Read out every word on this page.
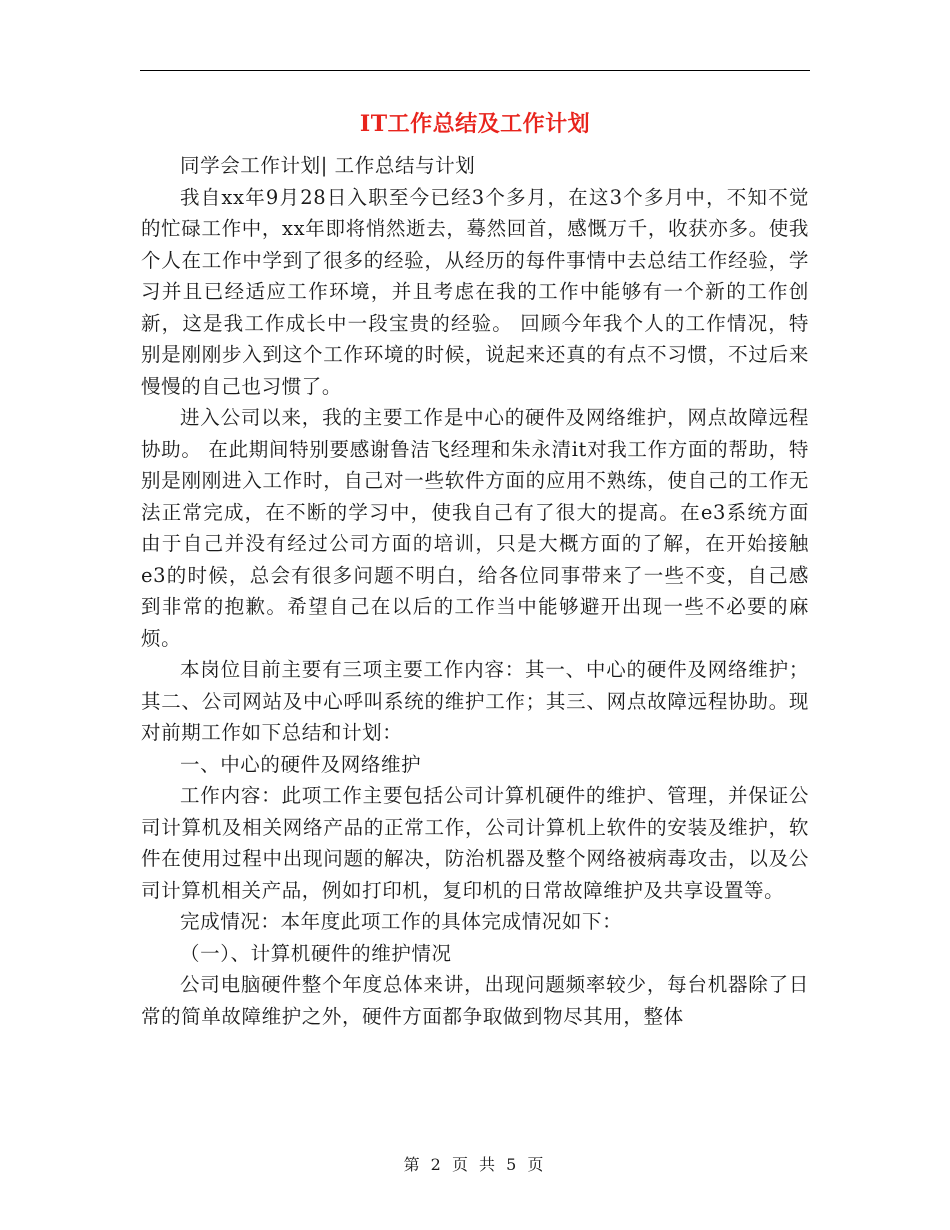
IT工作总结及工作计划

同学会工作计划| 工作总结与计划

我自xx年9月28日入职至今已经3个多月，在这3个多月中，不知不觉的忙碌工作中，xx年即将悄然逝去，蓦然回首，感慨万千，收获亦多。使我个人在工作中学到了很多的经验，从经历的每件事情中去总结工作经验，学习并且已经适应工作环境，并且考虑在我的工作中能够有一个新的工作创新，这是我工作成长中一段宝贵的经验。 回顾今年我个人的工作情况，特别是刚刚步入到这个工作环境的时候，说起来还真的有点不习惯，不过后来慢慢的自己也习惯了。

进入公司以来，我的主要工作是中心的硬件及网络维护，网点故障远程协助。 在此期间特别要感谢鲁洁飞经理和朱永清it对我工作方面的帮助，特别是刚刚进入工作时，自己对一些软件方面的应用不熟练，使自己的工作无法正常完成，在不断的学习中，使我自己有了很大的提高。在e3系统方面由于自己并没有经过公司方面的培训，只是大概方面的了解，在开始接触e3的时候，总会有很多问题不明白，给各位同事带来了一些不变，自己感到非常的抱歉。希望自己在以后的工作当中能够避开出现一些不必要的麻烦。

本岗位目前主要有三项主要工作内容：其一、中心的硬件及网络维护；其二、公司网站及中心呼叫系统的维护工作；其三、网点故障远程协助。现对前期工作如下总结和计划：

一、中心的硬件及网络维护

工作内容：此项工作主要包括公司计算机硬件的维护、管理，并保证公司计算机及相关网络产品的正常工作，公司计算机上软件的安装及维护，软件在使用过程中出现问题的解决，防治机器及整个网络被病毒攻击，以及公司计算机相关产品，例如打印机，复印机的日常故障维护及共享设置等。

完成情况：本年度此项工作的具体完成情况如下：

（一）、计算机硬件的维护情况

公司电脑硬件整个年度总体来讲，出现问题频率较少，每台机器除了日常的简单故障维护之外，硬件方面都争取做到物尽其用，整体

第 2 页 共 5 页
